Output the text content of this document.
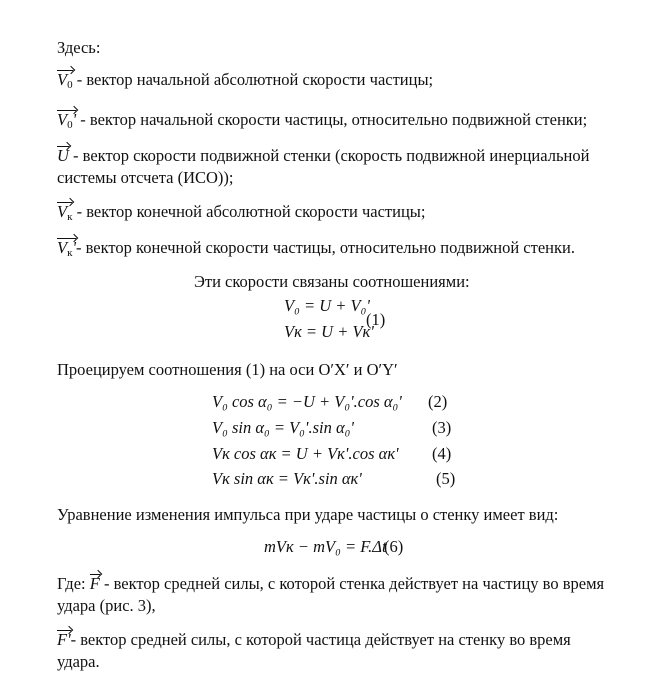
Здесь:
$V_0$ - вектор начальной абсолютной скорости частицы;
$V_0'$ - вектор начальной скорости частицы, относительно подвижной стенки;
U - вектор скорости подвижной стенки (скорость подвижной инерциальной
системы отсчета (ИСО));
$V_к$ - вектор конечной абсолютной скорости частицы;
$V_к'-$ вектор конечной скорости частицы, относительно подвижной стенки.
Эти скорости связаны соотношениями:
V₀ = U + V₀'
Vк = U + Vк'
(1)
Проецируем соотношения (1) на оси O′X′ и O′Y′
V₀ cos α₀ = −U + V₀'.cos α₀' (2)
V₀ sin α₀ = V₀'.sin α₀'	(3)
Vк cos αк = U + Vк'.cos αк' (4)
Vк sin αк = Vк'.sin αк'	(5)
Уравнение изменения импульса при ударе частицы о стенку имеет вид:
mVк − mV₀ = F.Δt
(6)
Где: F - вектор средней силы, с которой стенка действует на частицу во время
удара (рис. 3),
F'- вектор средней силы, с которой частица действует на стенку во время
удара.
